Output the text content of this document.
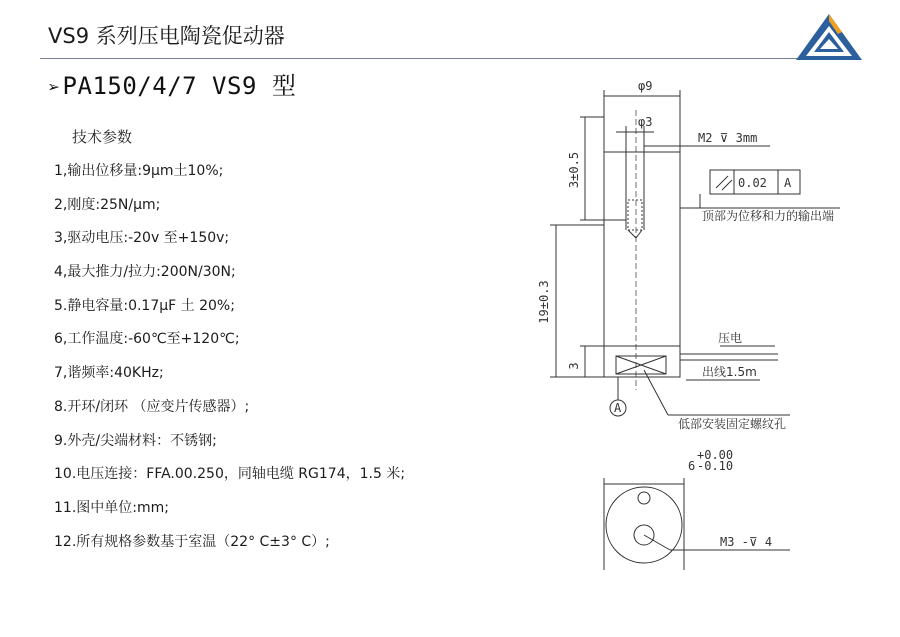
VS9 系列压电陶瓷促动器
➢PA150/4/7 VS9 型
技术参数
1,输出位移量:9μm土10%;
2,刚度:25N/μm;
3,驱动电压:-20v 至+150v;
4,最大推力/拉力:200N/30N;
5.静电容量:0.17μF 土 20%;
6,工作温度:-60℃至+120℃;
7,谐频率:40KHz;
8.开环/闭环 （应变片传感器）;
9.外壳/尖端材料：不锈钢;
10.电压连接：FFA.00.250，同轴电缆 RG174，1.5 米;
11.图中单位:mm;
12.所有规格参数基于室温（22° C±3° C）;
φ9
φ3
3±0.5
19±0.3
3
M2 ⊽ 3mm
0.02 A
顶部为位移和力的输出端
压电
出线1.5m
A
低部安装固定螺纹孔
6
+0.00
-0.10
M3 -⊽ 4
